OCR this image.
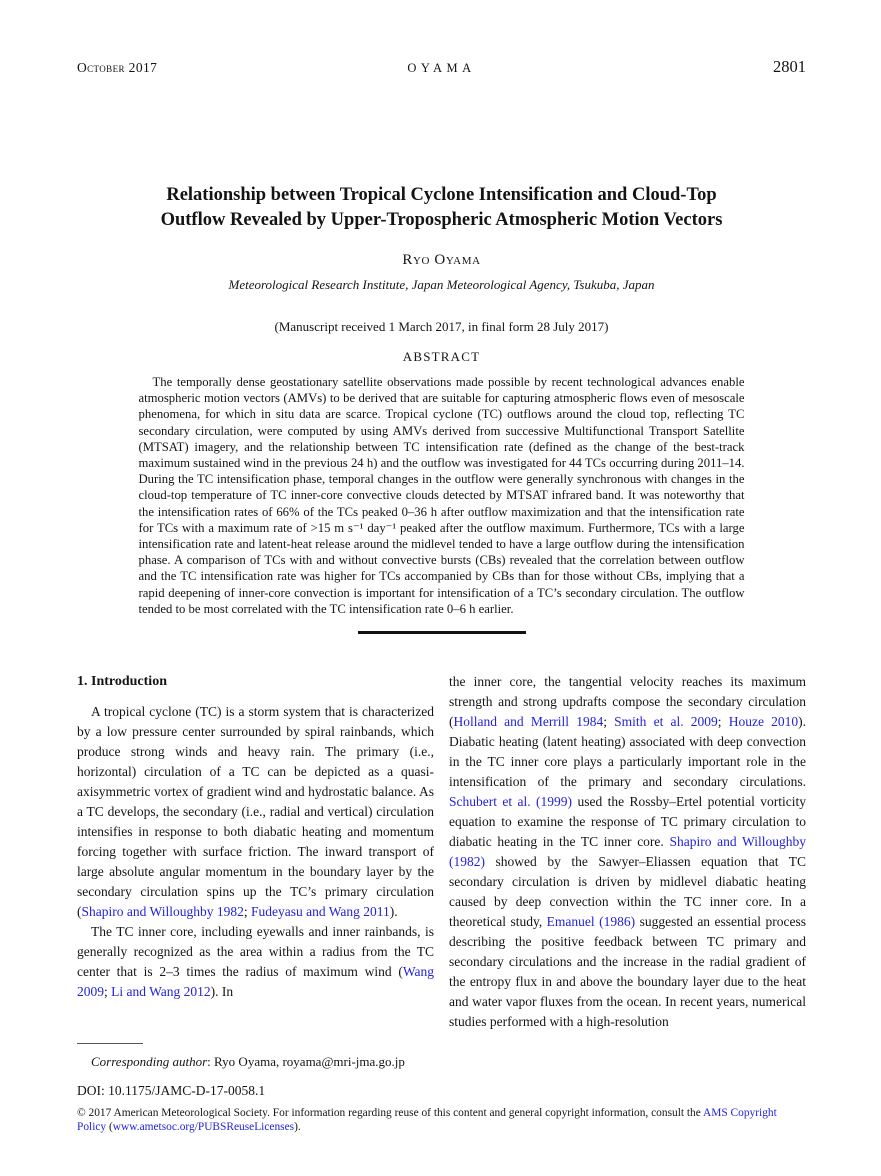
October 2017	OYAMA	2801
Relationship between Tropical Cyclone Intensification and Cloud-Top
Outflow Revealed by Upper-Tropospheric Atmospheric Motion Vectors
Ryo Oyama
Meteorological Research Institute, Japan Meteorological Agency, Tsukuba, Japan
(Manuscript received 1 March 2017, in final form 28 July 2017)
ABSTRACT

The temporally dense geostationary satellite observations made possible by recent technological advances enable atmospheric motion vectors (AMVs) to be derived that are suitable for capturing atmospheric flows even of mesoscale phenomena, for which in situ data are scarce. Tropical cyclone (TC) outflows around the cloud top, reflecting TC secondary circulation, were computed by using AMVs derived from successive Multifunctional Transport Satellite (MTSAT) imagery, and the relationship between TC intensification rate (defined as the change of the best-track maximum sustained wind in the previous 24 h) and the outflow was investigated for 44 TCs occurring during 2011–14. During the TC intensification phase, temporal changes in the outflow were generally synchronous with changes in the cloud-top temperature of TC inner-core convective clouds detected by MTSAT infrared band. It was noteworthy that the intensification rates of 66% of the TCs peaked 0–36 h after outflow maximization and that the intensification rate for TCs with a maximum rate of >15 m s⁻¹ day⁻¹ peaked after the outflow maximum. Furthermore, TCs with a large intensification rate and latent-heat release around the midlevel tended to have a large outflow during the intensification phase. A comparison of TCs with and without convective bursts (CBs) revealed that the correlation between outflow and the TC intensification rate was higher for TCs accompanied by CBs than for those without CBs, implying that a rapid deepening of inner-core convection is important for intensification of a TC’s secondary circulation. The outflow tended to be most correlated with the TC intensification rate 0–6 h earlier.

1. Introduction

A tropical cyclone (TC) is a storm system that is characterized by a low pressure center surrounded by spiral rainbands, which produce strong winds and heavy rain. The primary (i.e., horizontal) circulation of a TC can be depicted as a quasi-axisymmetric vortex of gradient wind and hydrostatic balance. As a TC develops, the secondary (i.e., radial and vertical) circulation intensifies in response to both diabatic heating and momentum forcing together with surface friction. The inward transport of large absolute angular momentum in the boundary layer by the secondary circulation spins up the TC’s primary circulation (Shapiro and Willoughby 1982; Fudeyasu and Wang 2011).

The TC inner core, including eyewalls and inner rainbands, is generally recognized as the area within a radius from the TC center that is 2–3 times the radius of maximum wind (Wang 2009; Li and Wang 2012). In

Corresponding author: Ryo Oyama, royama@mri-jma.go.jp

the inner core, the tangential velocity reaches its maximum strength and strong updrafts compose the secondary circulation (Holland and Merrill 1984; Smith et al. 2009; Houze 2010). Diabatic heating (latent heating) associated with deep convection in the TC inner core plays a particularly important role in the intensification of the primary and secondary circulations. Schubert et al. (1999) used the Rossby–Ertel potential vorticity equation to examine the response of TC primary circulation to diabatic heating in the TC inner core. Shapiro and Willoughby (1982) showed by the Sawyer–Eliassen equation that TC secondary circulation is driven by midlevel diabatic heating caused by deep convection within the TC inner core. In a theoretical study, Emanuel (1986) suggested an essential process describing the positive feedback between TC primary and secondary circulations and the increase in the radial gradient of the entropy flux in and above the boundary layer due to the heat and water vapor fluxes from the ocean. In recent years, numerical studies performed with a high-resolution

DOI: 10.1175/JAMC-D-17-0058.1
© 2017 American Meteorological Society. For information regarding reuse of this content and general copyright information, consult the AMS Copyright Policy (www.ametsoc.org/PUBSReuseLicenses).
